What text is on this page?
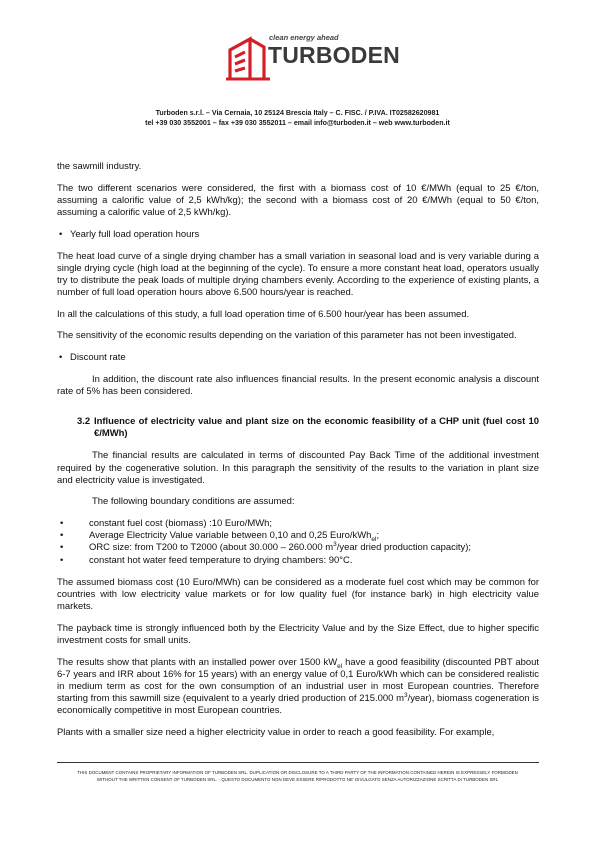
clean energy ahead
TURBODEN
Turboden s.r.l. – Via Cernaia, 10 25124 Brescia Italy – C. FISC. / P.IVA. IT02582620981
tel +39 030 3552001 – fax +39 030 3552011 – email info@turboden.it – web www.turboden.it

the sawmill industry.

The two different scenarios were considered, the first with a biomass cost of 10 €/MWh (equal to 25 €/ton, assuming a calorific value of 2,5 kWh/kg); the second with a biomass cost of 20 €/MWh (equal to 50 €/ton, assuming a calorific value of 2,5 kWh/kg).

• Yearly full load operation hours

The heat load curve of a single drying chamber has a small variation in seasonal load and is very variable during a single drying cycle (high load at the beginning of the cycle). To ensure a more constant heat load, operators usually try to distribute the peak loads of multiple drying chambers evenly. According to the experience of existing plants, a number of full load operation hours above 6.500 hours/year is reached.

In all the calculations of this study, a full load operation time of 6.500 hour/year has been assumed.

The sensitivity of the economic results depending on the variation of this parameter has not been investigated.

• Discount rate

In addition, the discount rate also influences financial results. In the present economic analysis a discount rate of 5% has been considered.

3.2 Influence of electricity value and plant size on the economic feasibility of a CHP unit (fuel cost 10 €/MWh)

The financial results are calculated in terms of discounted Pay Back Time of the additional investment required by the cogenerative solution. In this paragraph the sensitivity of the results to the variation in plant size and electricity value is investigated.

The following boundary conditions are assumed:

• constant fuel cost (biomass) :10 Euro/MWh;
• Average Electricity Value variable between 0,10 and 0,25 Euro/kWh$_{el}$;
• ORC size: from T200 to T2000 (about 30.000 – 260.000 $m^3$/year dried production capacity);
• constant hot water feed temperature to drying chambers: 90°C.

The assumed biomass cost (10 Euro/MWh) can be considered as a moderate fuel cost which may be common for countries with low electricity value markets or for low quality fuel (for instance bark) in high electricity value markets.

The payback time is strongly influenced both by the Electricity Value and by the Size Effect, due to higher specific investment costs for small units.

The results show that plants with an installed power over 1500 $kW_{el}$ have a good feasibility (discounted PBT about 6-7 years and IRR about 16% for 15 years) with an energy value of 0,1 Euro/kWh which can be considered realistic in medium term as cost for the own consumption of an industrial user in most European countries. Therefore starting from this sawmill size (equivalent to a yearly dried production of 215.000 $m^3/year$), biomass cogeneration is economically competitive in most European countries.

Plants with a smaller size need a higher electricity value in order to reach a good feasibility. For example,

THIS DOCUMENT CONTAINS PROPRIETARY INFORMATION OF TURBODEN SRL. DUPLICATION OR DISCLOSURE TO A THIRD PARTY OF THE INFORMATION CONTAINED HEREIN IS EXPRESSELY FORBIDDEN
WITHOUT THE WRITTEN CONSENT OF TURBODEN SRL. - QUESTO DOCUMENTO NON DEVE ESSERE RIPRODOTTO NE' DIVULGATO SENZA AUTORIZZAZIONE SCRITTA DI TURBODEN SRL
